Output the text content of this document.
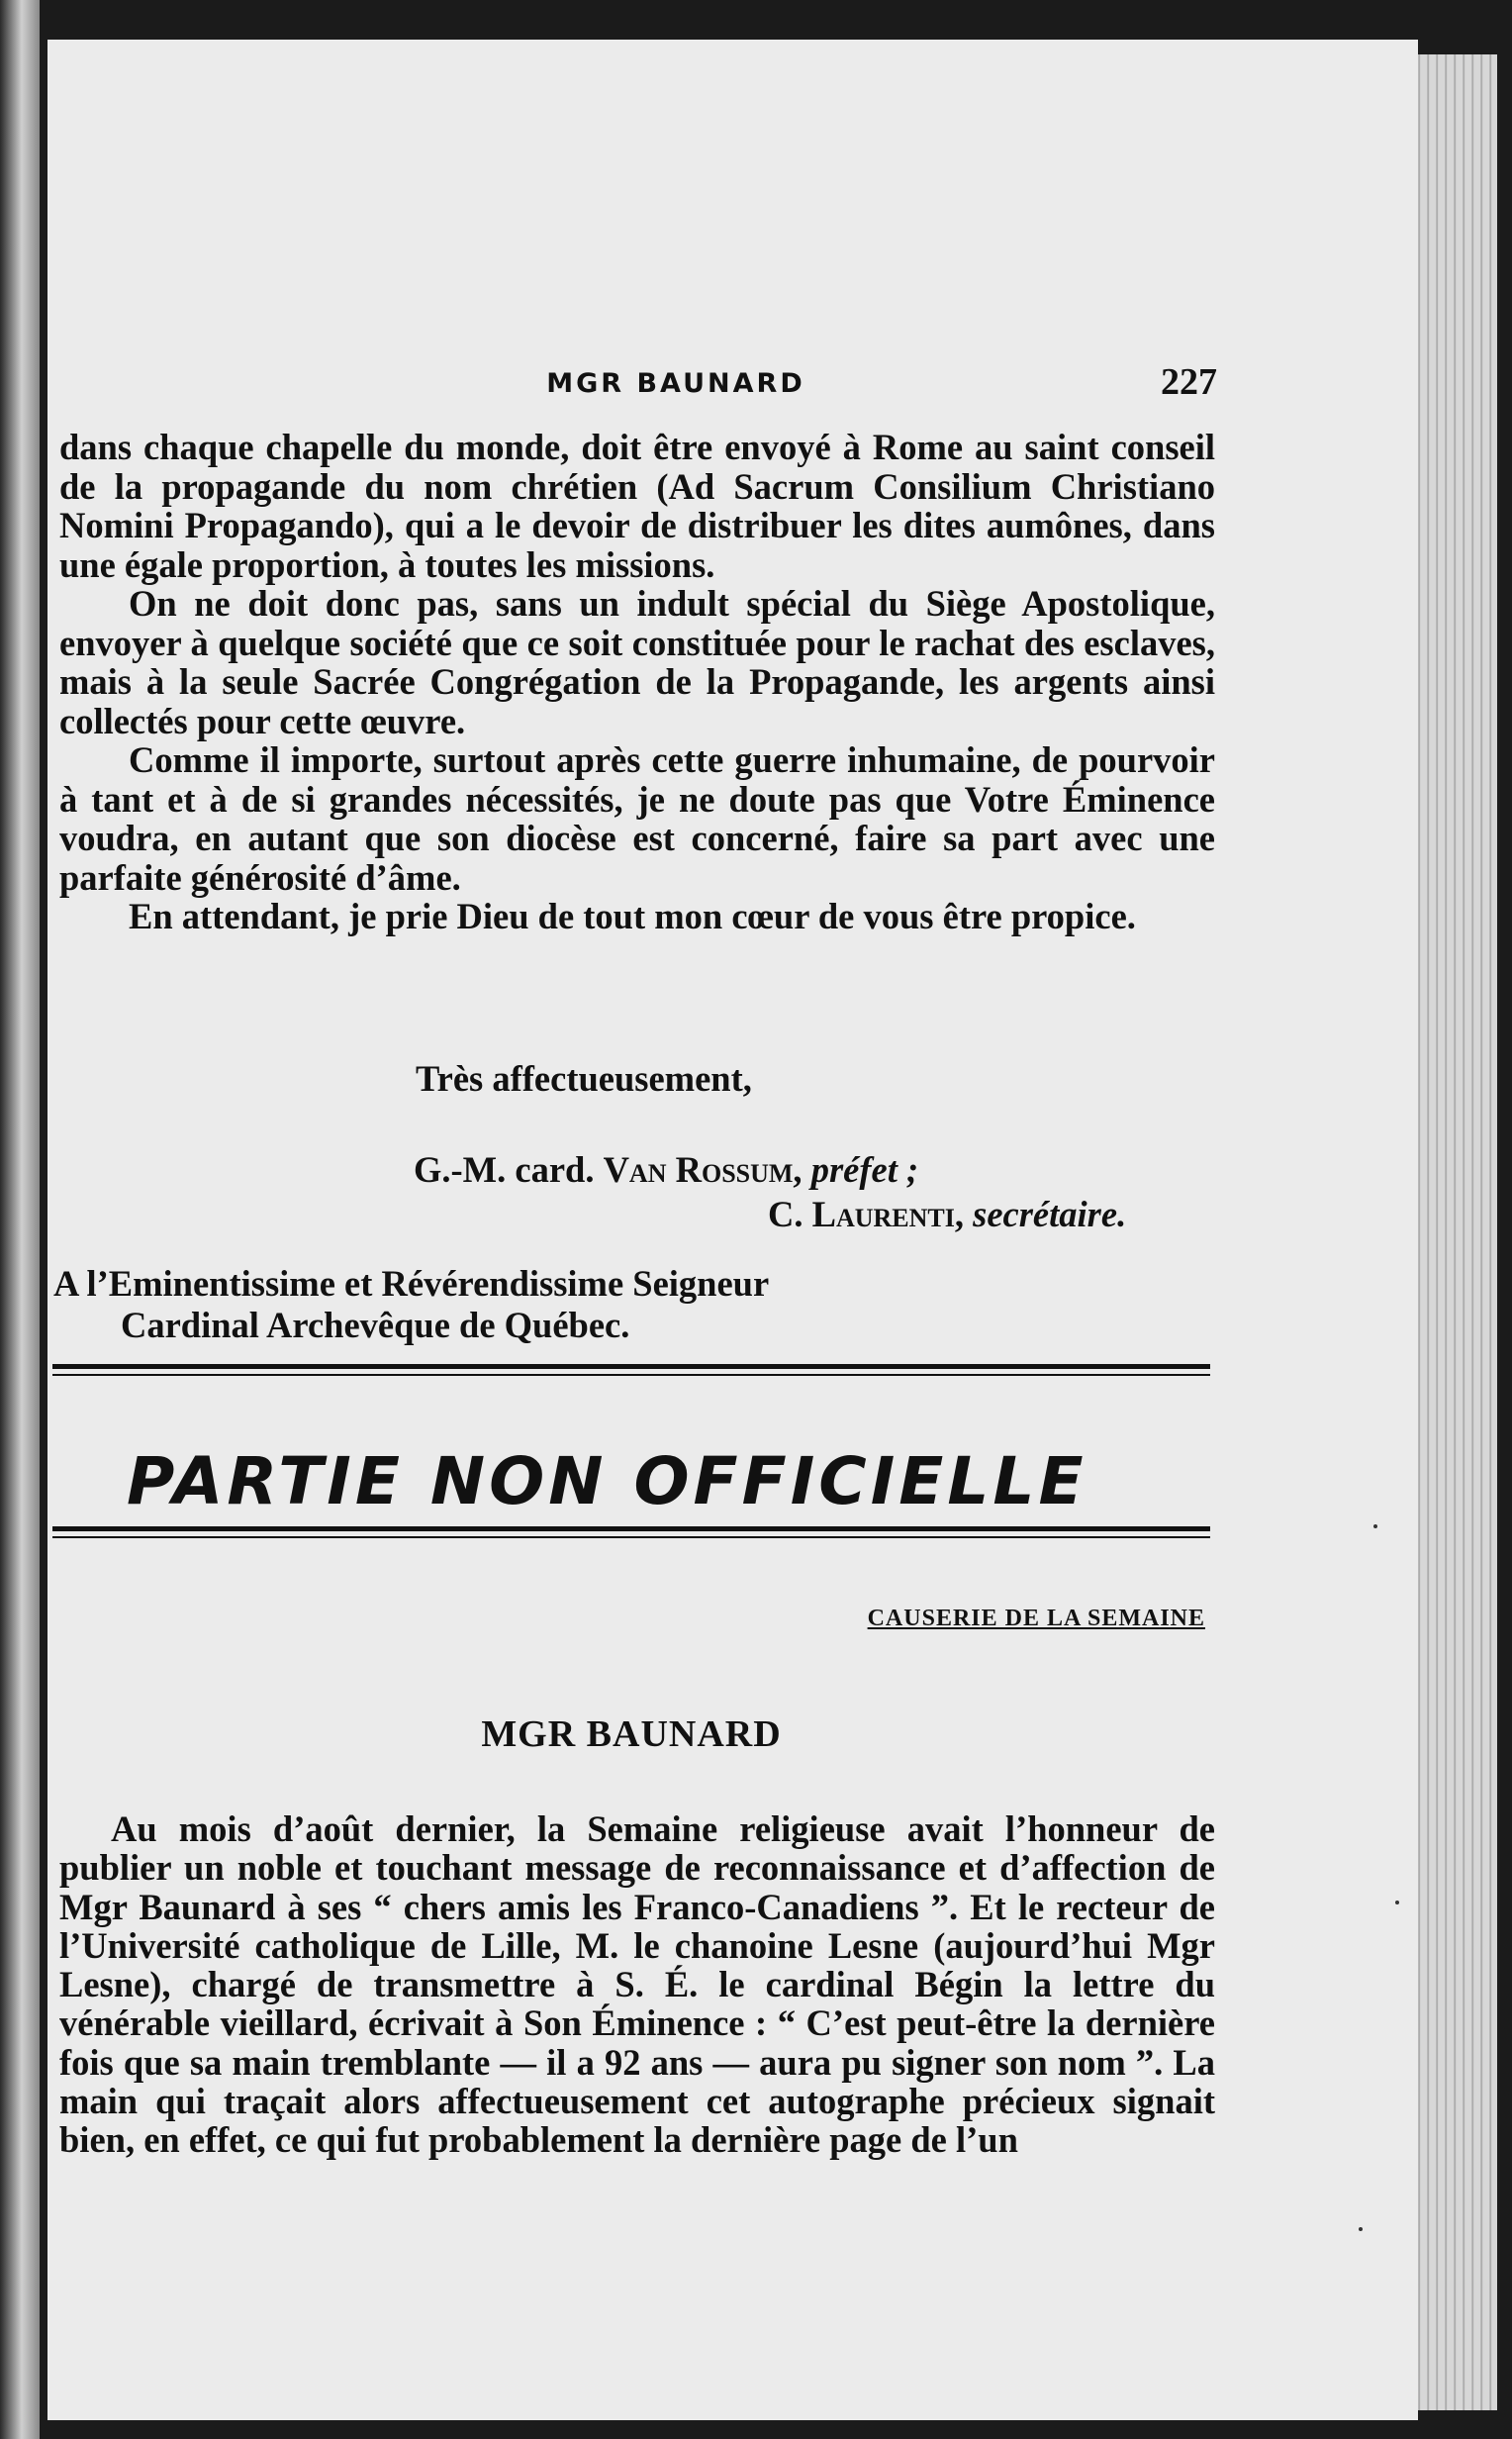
MGR BAUNARD	227

dans chaque chapelle du monde, doit être envoyé à Rome au saint conseil de la propagande du nom chrétien (Ad Sacrum Consilium Christiano Nomini Propagando), qui a le devoir de distribuer les dites aumônes, dans une égale proportion, à toutes les missions.

On ne doit donc pas, sans un indult spécial du Siège Apostolique, envoyer à quelque société que ce soit constituée pour le rachat des esclaves, mais à la seule Sacrée Congrégation de la Propagande, les argents ainsi collectés pour cette œuvre.

Comme il importe, surtout après cette guerre inhumaine, de pourvoir à tant et à de si grandes nécessités, je ne doute pas que Votre Éminence voudra, en autant que son diocèse est concerné, faire sa part avec une parfaite générosité d’âme.

En attendant, je prie Dieu de tout mon cœur de vous être propice.

Très affectueusement,
G.-M. card. Van Rossum, préfet ;
C. Laurenti, secrétaire.
A l’Eminentissime et Révérendissime Seigneur
Cardinal Archevêque de Québec.
PARTIE NON OFFICIELLE
CAUSERIE DE LA SEMAINE
MGR BAUNARD

Au mois d’août dernier, la Semaine religieuse avait l’honneur de publier un noble et touchant message de reconnaissance et d’affection de Mgr Baunard à ses “ chers amis les Franco-Canadiens ”. Et le recteur de l’Université catholique de Lille, M. le chanoine Lesne (aujourd’hui Mgr Lesne), chargé de transmettre à S. É. le cardinal Bégin la lettre du vénérable vieillard, écrivait à Son Éminence : “ C’est peut-être la dernière fois que sa main tremblante — il a 92 ans — aura pu signer son nom ”. La main qui traçait alors affectueusement cet autographe précieux signait bien, en effet, ce qui fut probablement la dernière page de l’un
